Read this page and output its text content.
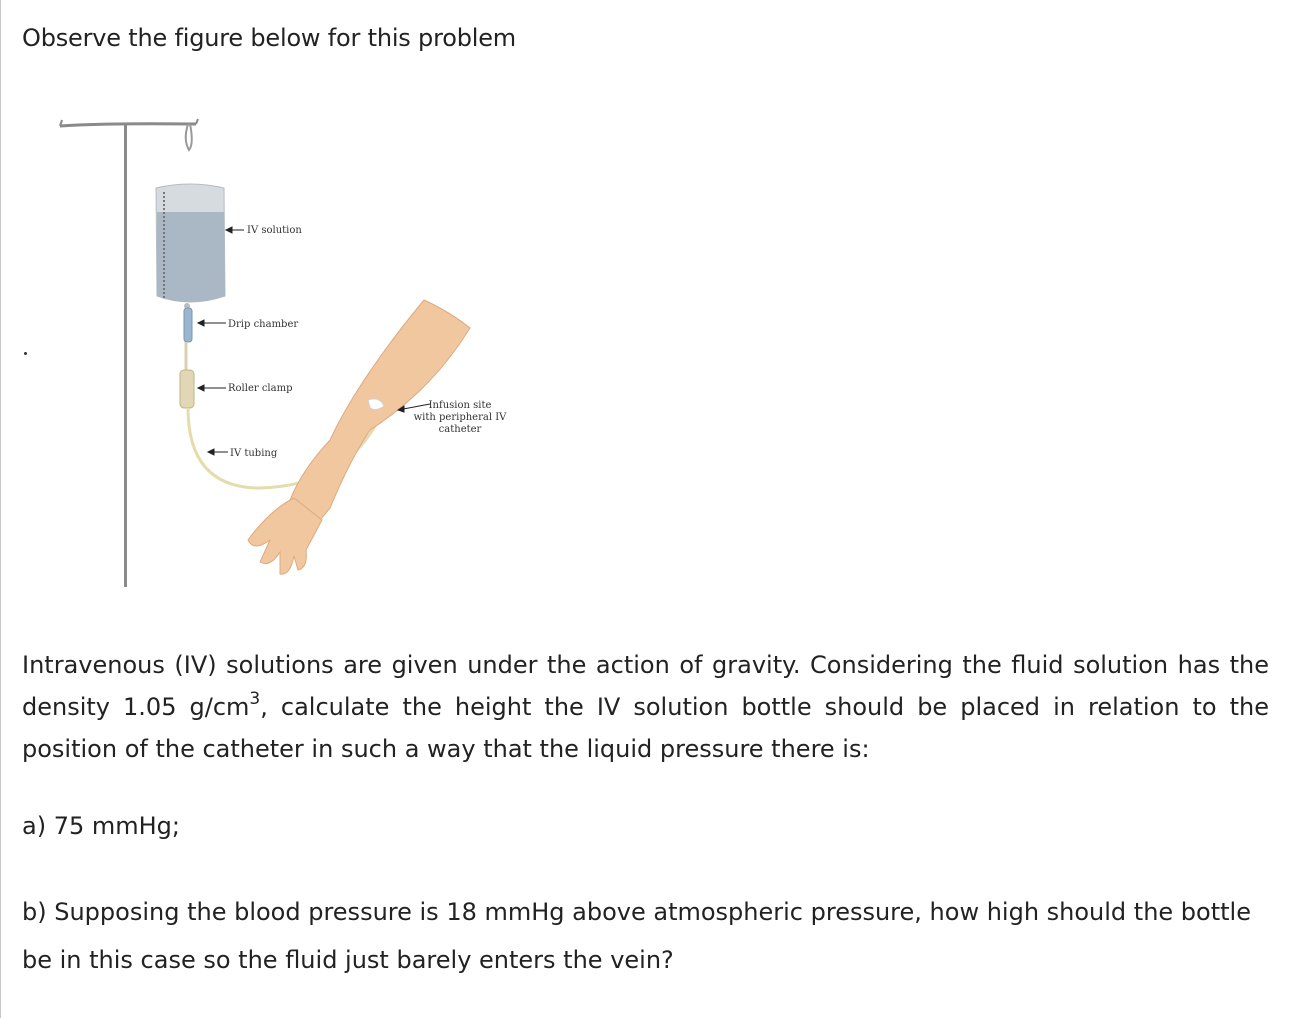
Observe the figure below for this problem

IV solution
Drip chamber
Roller clamp
IV tubing
Infusion site
with peripheral IV
catheter

Intravenous (IV) solutions are given under the action of gravity. Considering the fluid solution has the density 1.05 $g/cm^3$, calculate the height the IV solution bottle should be placed in relation to the position of the catheter in such a way that the liquid pressure there is:

a) 75 mmHg;

b) Supposing the blood pressure is 18 mmHg above atmospheric pressure, how high should the bottle be in this case so the fluid just barely enters the vein?
